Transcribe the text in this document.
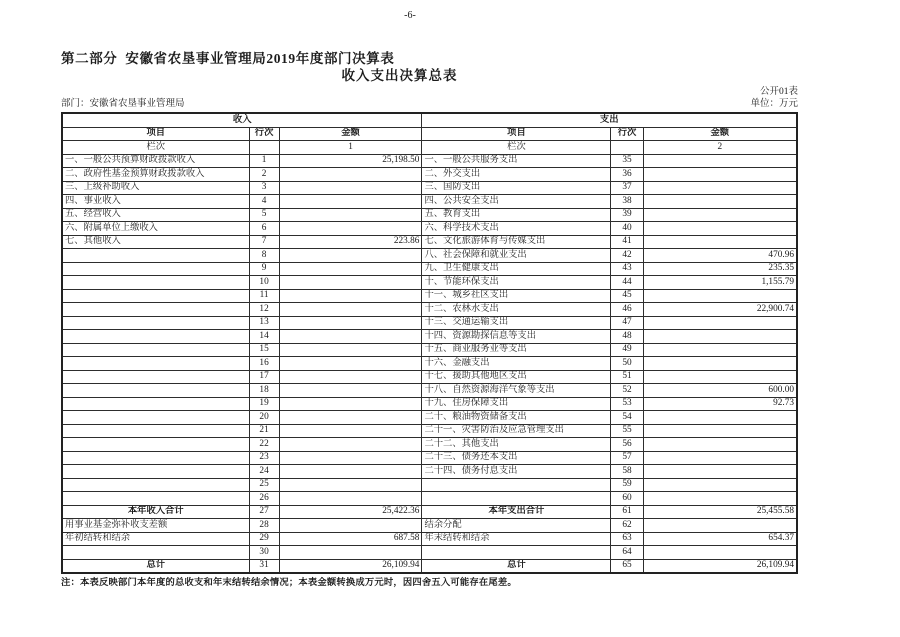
第二部分  安徽省农垦事业管理局2019年度部门决算表
收入支出决算总表
公开01表
部门：安徽省农垦事业管理局	单位：万元
收入			支出		
项目	行次	金额	项目	行次	金额
栏次		1	栏次		2
一、一般公共预算财政拨款收入	1	25,198.50	一、一般公共服务支出	35	
二、政府性基金预算财政拨款收入	2		二、外交支出	36	
三、上级补助收入	3		三、国防支出	37	
四、事业收入	4		四、公共安全支出	38	
五、经营收入	5		五、教育支出	39	
六、附属单位上缴收入	6		六、科学技术支出	40	
七、其他收入	7	223.86	七、文化旅游体育与传媒支出	41	
	8		八、社会保障和就业支出	42	470.96
	9		九、卫生健康支出	43	235.35
	10		十、节能环保支出	44	1,155.79
	11		十一、城乡社区支出	45	
	12		十二、农林水支出	46	22,900.74
	13		十三、交通运输支出	47	
	14		十四、资源勘探信息等支出	48	
	15		十五、商业服务业等支出	49	
	16		十六、金融支出	50	
	17		十七、援助其他地区支出	51	
	18		十八、自然资源海洋气象等支出	52	600.00
	19		十九、住房保障支出	53	92.73
	20		二十、粮油物资储备支出	54	
	21		二十一、灾害防治及应急管理支出	55	
	22		二十二、其他支出	56	
	23		二十三、债务还本支出	57	
	24		二十四、债务付息支出	58	
	25			59	
	26			60	
本年收入合计	27	25,422.36	本年支出合计	61	25,455.58
用事业基金弥补收支差额	28		结余分配	62	
年初结转和结余	29	687.58	年末结转和结余	63	654.37
	30			64	
总计	31	26,109.94	总计	65	26,109.94
注：本表反映部门本年度的总收支和年末结转结余情况；本表金额转换成万元时，因四舍五入可能存在尾差。
-6-
